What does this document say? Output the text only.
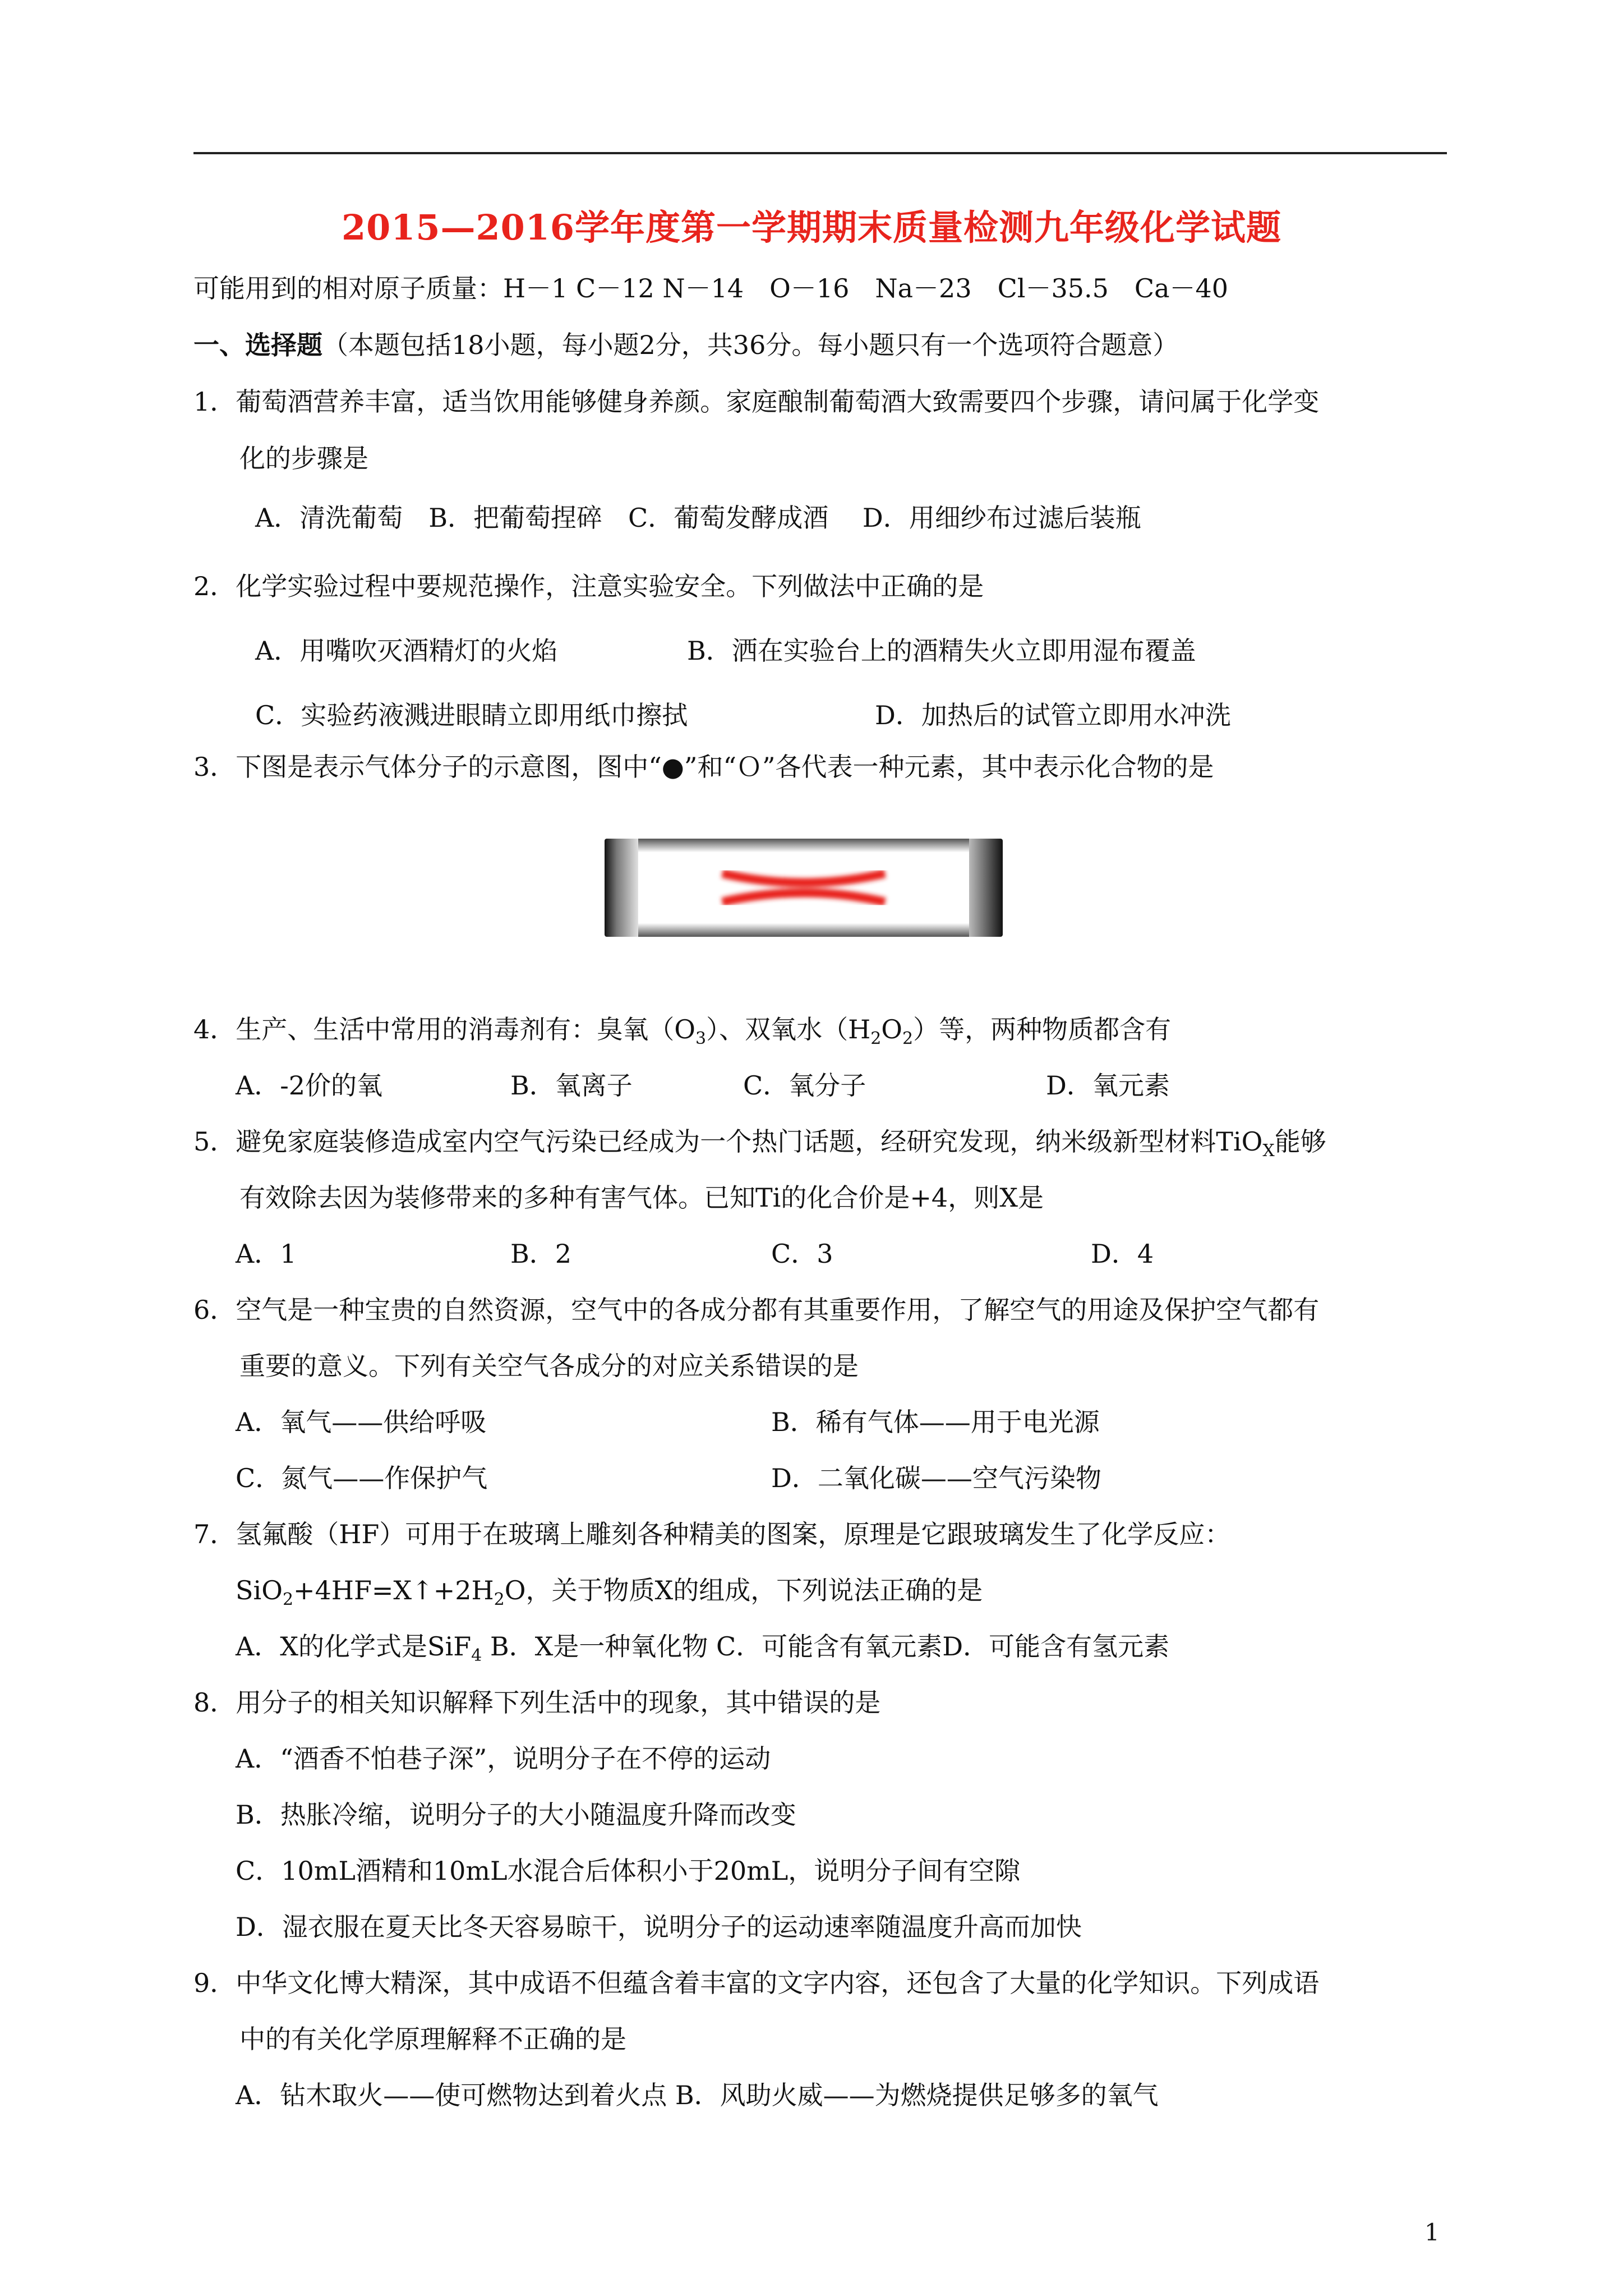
2015—2016学年度第一学期期末质量检测九年级化学试题
可能用到的相对原子质量：H－1 C－12 N－14　O－16　Na－23　Cl－35.5　Ca－40
一、选择题（本题包括18小题，每小题2分，共36分。每小题只有一个选项符合题意）
1．葡萄酒营养丰富，适当饮用能够健身养颜。家庭酿制葡萄酒大致需要四个步骤，请问属于化学变
化的步骤是
A．清洗葡萄　B．把葡萄捏碎　C．葡萄发酵成酒　 D．用细纱布过滤后装瓶
2．化学实验过程中要规范操作，注意实验安全。下列做法中正确的是
A．用嘴吹灭酒精灯的火焰	B．洒在实验台上的酒精失火立即用湿布覆盖
C．实验药液溅进眼睛立即用纸巾擦拭	D．加热后的试管立即用水冲洗
3．下图是表示气体分子的示意图，图中“●”和“Ｏ”各代表一种元素，其中表示化合物的是
4．生产、生活中常用的消毒剂有：臭氧$(O_3)$、双氧水$(H_2O_2)$等，两种物质都含有
A．-2价的氧	B．氧离子	C．氧分子	D．氧元素
5．避免家庭装修造成室内空气污染已经成为一个热门话题，经研究发现，纳米级新型材料TiO$_X$能够
有效除去因为装修带来的多种有害气体。已知Ti的化合价是+4，则X是
A．1	B．2	C．3	D．4
6．空气是一种宝贵的自然资源，空气中的各成分都有其重要作用，了解空气的用途及保护空气都有
重要的意义。下列有关空气各成分的对应关系错误的是
A．氧气——供给呼吸	B．稀有气体——用于电光源
C．氮气——作保护气	D．二氧化碳——空气污染物
7．氢氟酸（HF）可用于在玻璃上雕刻各种精美的图案，原理是它跟玻璃发生了化学反应：
$SiO_2+4HF=X↑+2H_2O$，关于物质X的组成，下列说法正确的是
A．X的化学式是SiF$_4$ B．X是一种氧化物 C．可能含有氧元素D．可能含有氢元素
8．用分子的相关知识解释下列生活中的现象，其中错误的是
A．“酒香不怕巷子深”，说明分子在不停的运动
B．热胀冷缩，说明分子的大小随温度升降而改变
C．10mL酒精和10mL水混合后体积小于20mL，说明分子间有空隙
D．湿衣服在夏天比冬天容易晾干，说明分子的运动速率随温度升高而加快
9．中华文化博大精深，其中成语不但蕴含着丰富的文字内容，还包含了大量的化学知识。下列成语
中的有关化学原理解释不正确的是
A．钻木取火——使可燃物达到着火点 B．风助火威——为燃烧提供足够多的氧气
1
